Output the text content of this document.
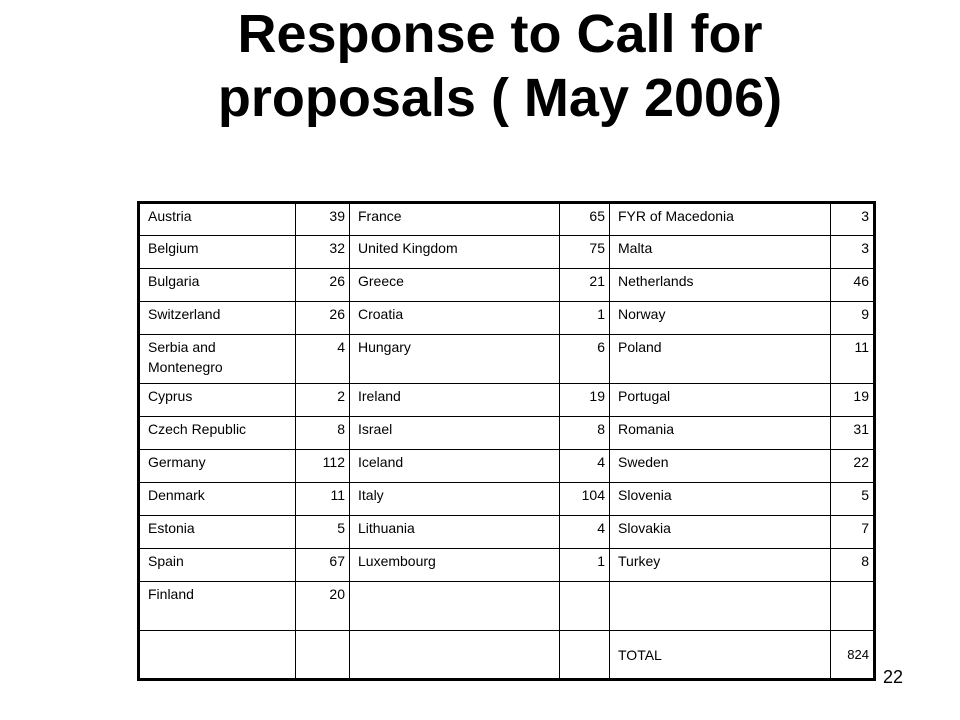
Response to Call for
proposals ( May 2006)
Austria	39	France	65	FYR of Macedonia	3
Belgium	32	United Kingdom	75	Malta	3
Bulgaria	26	Greece	21	Netherlands	46
Switzerland	26	Croatia	1	Norway	9
Serbia and Montenegro	4	Hungary	6	Poland	11
Cyprus	2	Ireland	19	Portugal	19
Czech Republic	8	Israel	8	Romania	31
Germany	112	Iceland	4	Sweden	22
Denmark	11	Italy	104	Slovenia	5
Estonia	5	Lithuania	4	Slovakia	7
Spain	67	Luxembourg	1	Turkey	8
Finland	20				
				TOTAL	824
22
